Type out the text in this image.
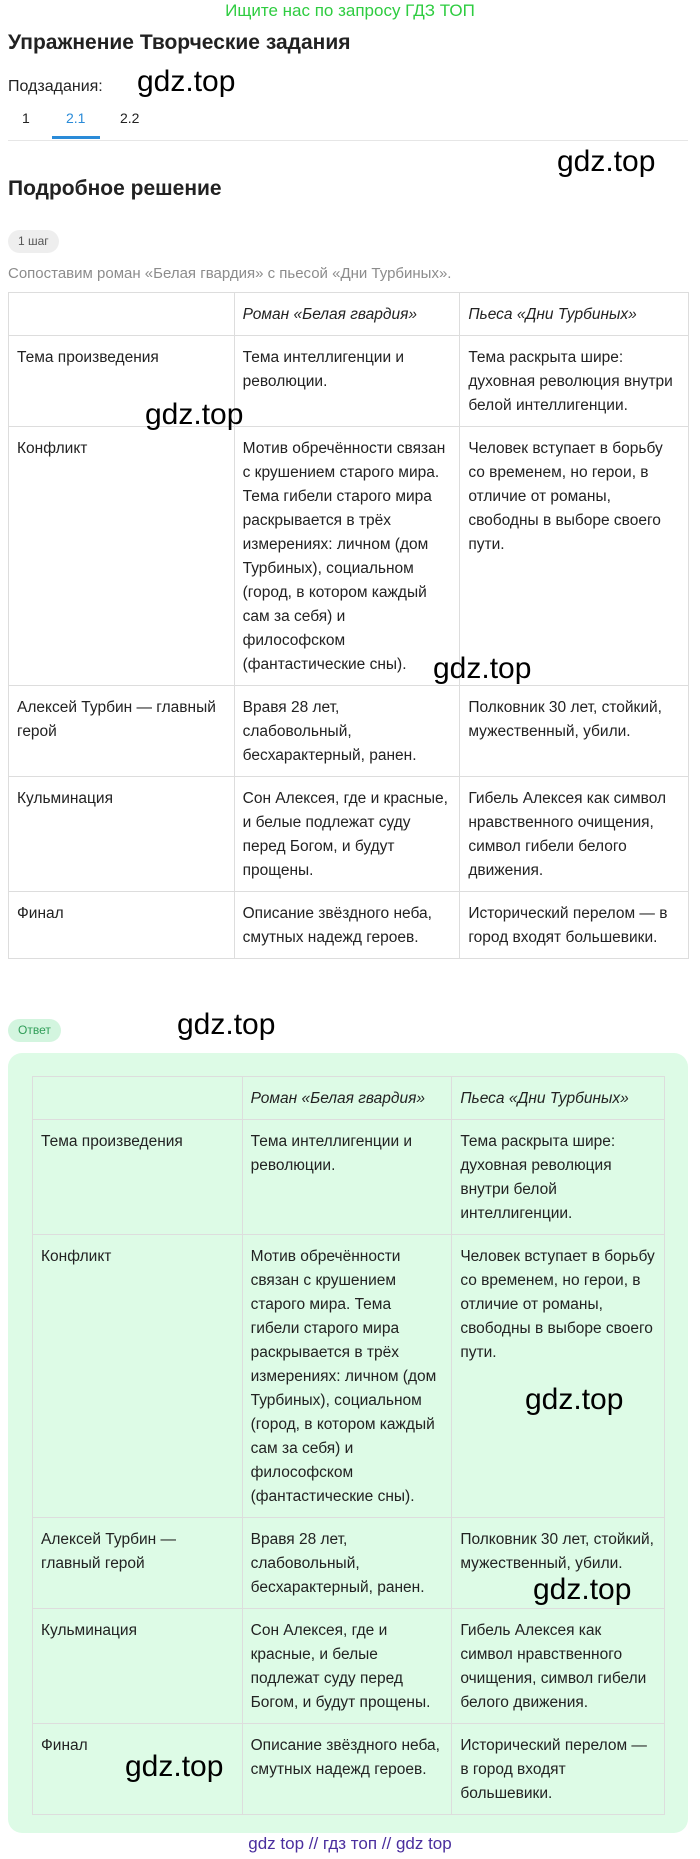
Ищите нас по запросу ГДЗ ТОП
Упражнение Творческие задания
Подзадания:
1	2.1 2.2
Подробное решение
1 шаг
Сопоставим роман «Белая гвардия» с пьесой «Дни Турбиных».
	Роман «Белая гвардия»	Пьеса «Дни Турбиных»
Тема произведения	Тема интеллигенции и революции.	Тема раскрыта шире: духовная революция внутри белой интеллигенции.
Конфликт	Мотив обречённости связан с крушением старого мира. Тема гибели старого мира раскрывается в трёх измерениях: личном (дом Турбиных), социальном (город, в котором каждый сам за себя) и философском (фантастические сны).	Человек вступает в борьбу со временем, но герои, в отличие от романы, свободны в выборе своего пути.
Алексей Турбин — главный герой	Вравя 28 лет, слабовольный, бесхарактерный, ранен.	Полковник 30 лет, стойкий, мужественный, убили.
Кульминация	Сон Алексея, где и красные, и белые подлежат суду перед Богом, и будут прощены.	Гибель Алексея как символ нравственного очищения, символ гибели белого движения.
Финал	Описание звёздного неба, смутных надежд героев.	Исторический перелом — в город входят большевики.
Ответ
	Роман «Белая гвардия»	Пьеса «Дни Турбиных»
Тема произведения	Тема интеллигенции и революции.	Тема раскрыта шире: духовная революция внутри белой интеллигенции.
Конфликт	Мотив обречённости связан с крушением старого мира. Тема гибели старого мира раскрывается в трёх измерениях: личном (дом Турбиных), социальном (город, в котором каждый сам за себя) и философском (фантастические сны).	Человек вступает в борьбу со временем, но герои, в отличие от романы, свободны в выборе своего пути.
Алексей Турбин — главный герой	Вравя 28 лет, слабовольный, бесхарактерный, ранен.	Полковник 30 лет, стойкий, мужественный, убили.
Кульминация	Сон Алексея, где и красные, и белые подлежат суду перед Богом, и будут прощены.	Гибель Алексея как символ нравственного очищения, символ гибели белого движения.
Финал	Описание звёздного неба, смутных надежд героев.	Исторический перелом — в город входят большевики.
gdz.top
gdz.top
gdz.top
gdz.top
gdz.top
gdz.top
gdz.top
gdz.top
gdz top // гдз топ // gdz top
